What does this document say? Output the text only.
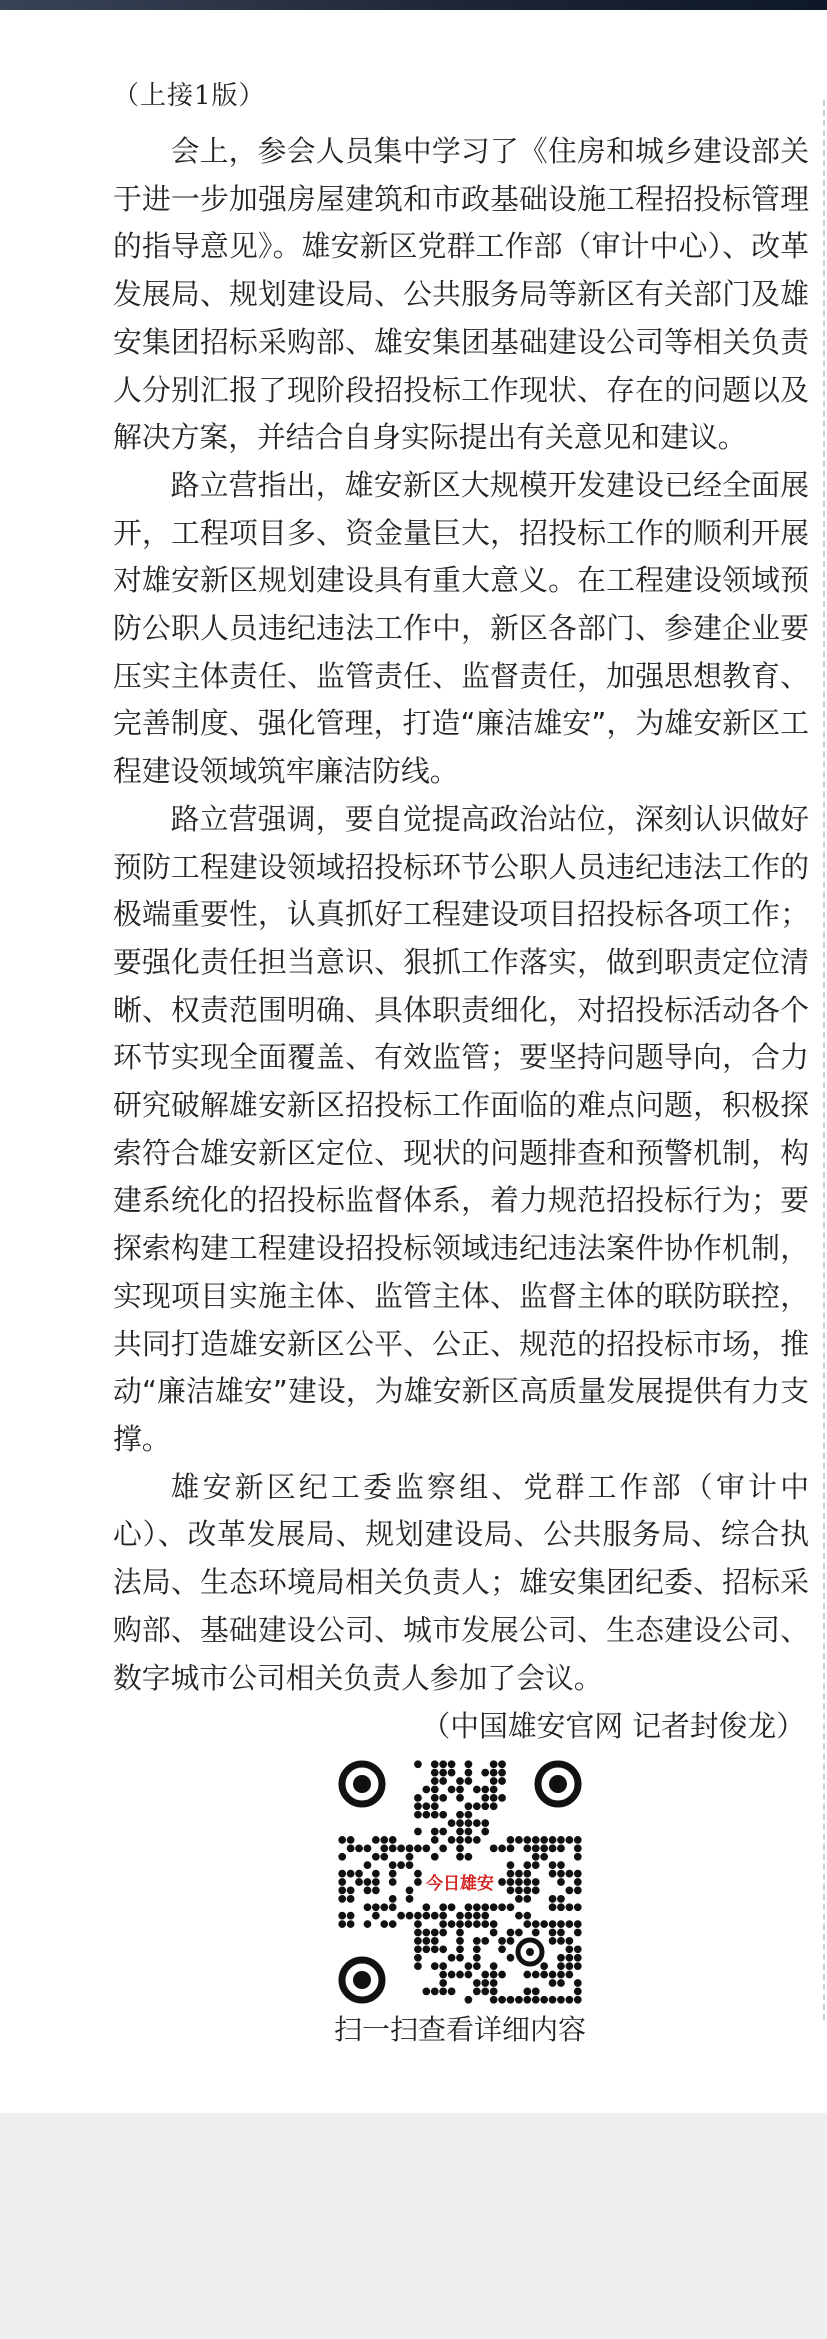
（上接1版）

会上，参会人员集中学习了《住房和城乡建设部关于进一步加强房屋建筑和市政基础设施工程招投标管理的指导意见》。雄安新区党群工作部（审计中心）、改革发展局、规划建设局、公共服务局等新区有关部门及雄安集团招标采购部、雄安集团基础建设公司等相关负责人分别汇报了现阶段招投标工作现状、存在的问题以及解决方案，并结合自身实际提出有关意见和建议。

路立营指出，雄安新区大规模开发建设已经全面展开，工程项目多、资金量巨大，招投标工作的顺利开展对雄安新区规划建设具有重大意义。在工程建设领域预防公职人员违纪违法工作中，新区各部门、参建企业要压实主体责任、监管责任、监督责任，加强思想教育、完善制度、强化管理，打造“廉洁雄安”，为雄安新区工程建设领域筑牢廉洁防线。

路立营强调，要自觉提高政治站位，深刻认识做好预防工程建设领域招投标环节公职人员违纪违法工作的极端重要性，认真抓好工程建设项目招投标各项工作；要强化责任担当意识、狠抓工作落实，做到职责定位清晰、权责范围明确、具体职责细化，对招投标活动各个环节实现全面覆盖、有效监管；要坚持问题导向，合力研究破解雄安新区招投标工作面临的难点问题，积极探索符合雄安新区定位、现状的问题排查和预警机制，构建系统化的招投标监督体系，着力规范招投标行为；要探索构建工程建设招投标领域违纪违法案件协作机制，实现项目实施主体、监管主体、监督主体的联防联控，共同打造雄安新区公平、公正、规范的招投标市场，推动“廉洁雄安”建设，为雄安新区高质量发展提供有力支撑。

雄安新区纪工委监察组、党群工作部（审计中心）、改革发展局、规划建设局、公共服务局、综合执法局、生态环境局相关负责人；雄安集团纪委、招标采购部、基础建设公司、城市发展公司、生态建设公司、数字城市公司相关负责人参加了会议。

（中国雄安官网 记者封俊龙）

今日雄安
扫一扫查看详细内容
